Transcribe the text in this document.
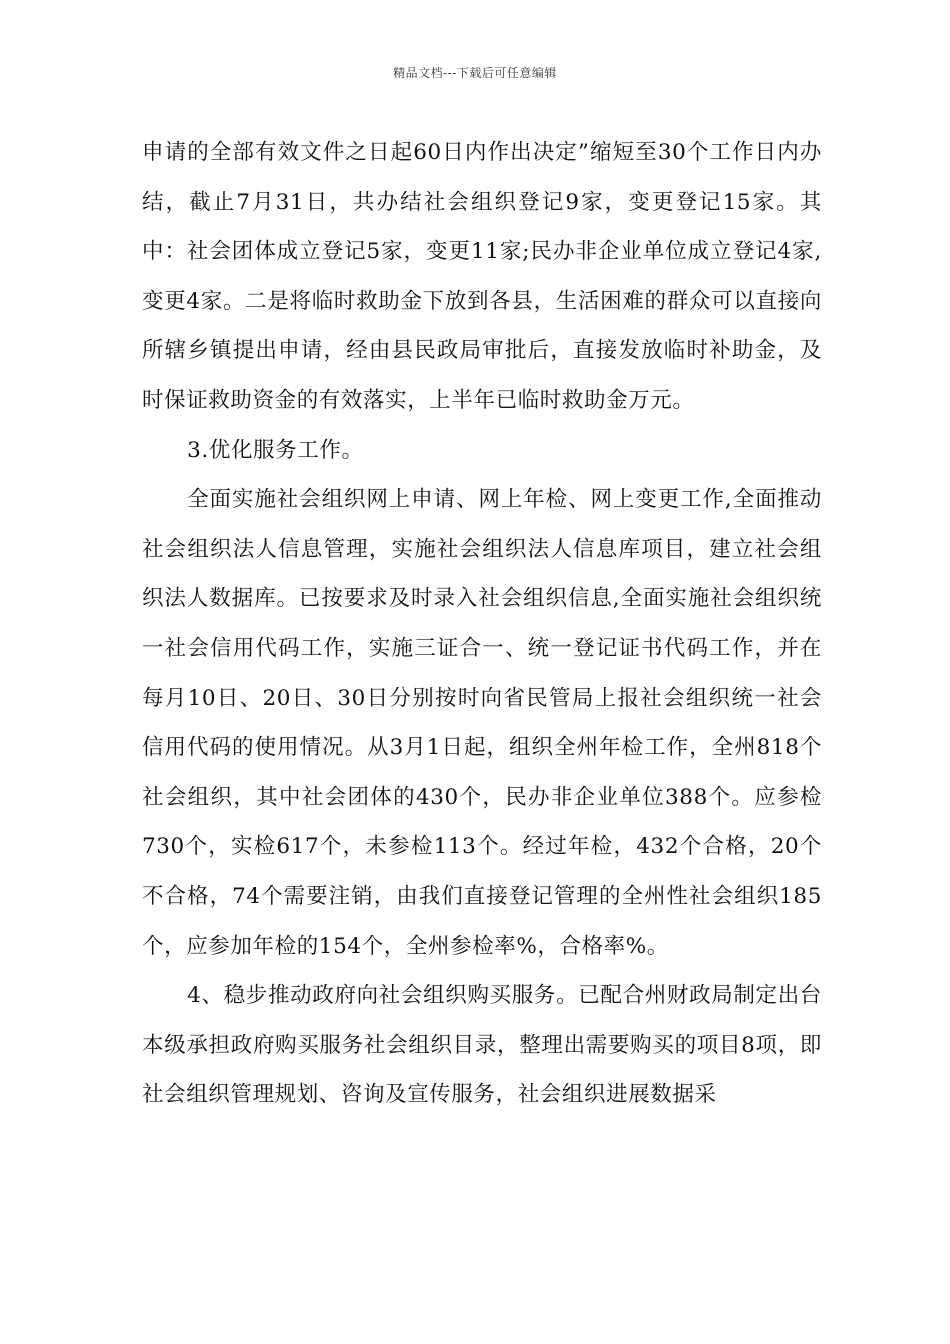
精品文档---下载后可任意编辑

申请的全部有效文件之日起60日内作出决定”缩短至30个工作日内办结，截止7月31日，共办结社会组织登记9家，变更登记15家。其中：社会团体成立登记5家，变更11家;民办非企业单位成立登记4家,变更4家。二是将临时救助金下放到各县，生活困难的群众可以直接向所辖乡镇提出申请，经由县民政局审批后，直接发放临时补助金，及时保证救助资金的有效落实，上半年已临时救助金万元。

3.优化服务工作。

全面实施社会组织网上申请、网上年检、网上变更工作,全面推动社会组织法人信息管理，实施社会组织法人信息库项目，建立社会组织法人数据库。已按要求及时录入社会组织信息,全面实施社会组织统一社会信用代码工作，实施三证合一、统一登记证书代码工作，并在每月10日、20日、30日分别按时向省民管局上报社会组织统一社会信用代码的使用情况。从3月1日起，组织全州年检工作，全州818个社会组织，其中社会团体的430个，民办非企业单位388个。应参检730个，实检617个，未参检113个。经过年检，432个合格，20个不合格，74个需要注销，由我们直接登记管理的全州性社会组织185个，应参加年检的154个，全州参检率%，合格率%。

4、稳步推动政府向社会组织购买服务。已配合州财政局制定出台本级承担政府购买服务社会组织目录，整理出需要购买的项目8项，即社会组织管理规划、咨询及宣传服务，社会组织进展数据采
